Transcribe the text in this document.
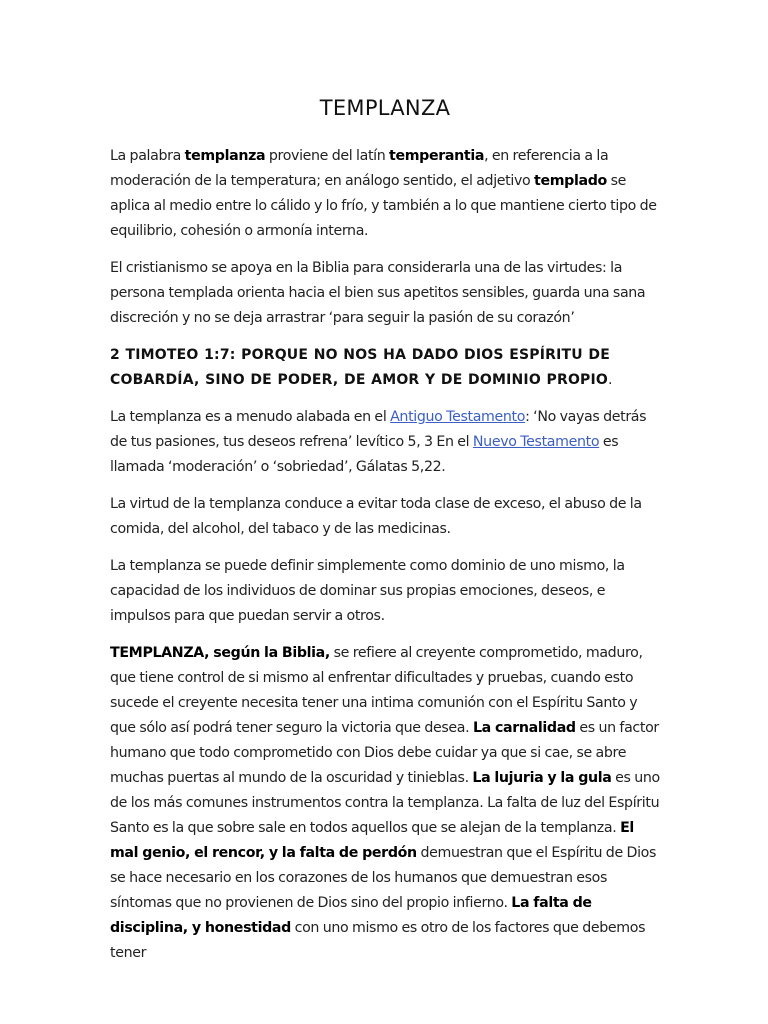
TEMPLANZA

La palabra templanza proviene del latín temperantia, en referencia a la moderación de la temperatura; en análogo sentido, el adjetivo templado se aplica al medio entre lo cálido y lo frío, y también a lo que mantiene cierto tipo de equilibrio, cohesión o armonía interna.

El cristianismo se apoya en la Biblia para considerarla una de las virtudes: la persona templada orienta hacia el bien sus apetitos sensibles, guarda una sana discreción y no se deja arrastrar ‘para seguir la pasión de su corazón’

2 TIMOTEO 1:7: PORQUE NO NOS HA DADO DIOS ESPÍRITU DE COBARDÍA, SINO DE PODER, DE AMOR Y DE DOMINIO PROPIO.

La templanza es a menudo alabada en el Antiguo Testamento: ‘No vayas detrás de tus pasiones, tus deseos refrena’ levítico 5, 3 En el Nuevo Testamento es llamada ‘moderación’ o ‘sobriedad’, Gálatas 5,22.

La virtud de la templanza conduce a evitar toda clase de exceso, el abuso de la comida, del alcohol, del tabaco y de las medicinas.

La templanza se puede definir simplemente como dominio de uno mismo, la capacidad de los individuos de dominar sus propias emociones, deseos, e impulsos para que puedan servir a otros.

TEMPLANZA, según la Biblia, se refiere al creyente comprometido, maduro, que tiene control de si mismo al enfrentar dificultades y pruebas, cuando esto sucede el creyente necesita tener una intima comunión con el Espíritu Santo y que sólo así podrá tener seguro la victoria que desea. La carnalidad es un factor humano que todo comprometido con Dios debe cuidar ya que si cae, se abre muchas puertas al mundo de la oscuridad y tinieblas. La lujuria y la gula es uno de los más comunes instrumentos contra la templanza. La falta de luz del Espíritu Santo es la que sobre sale en todos aquellos que se alejan de la templanza. El mal genio, el rencor, y la falta de perdón demuestran que el Espíritu de Dios se hace necesario en los corazones de los humanos que demuestran esos síntomas que no provienen de Dios sino del propio infierno. La falta de disciplina, y honestidad con uno mismo es otro de los factores que debemos tener
